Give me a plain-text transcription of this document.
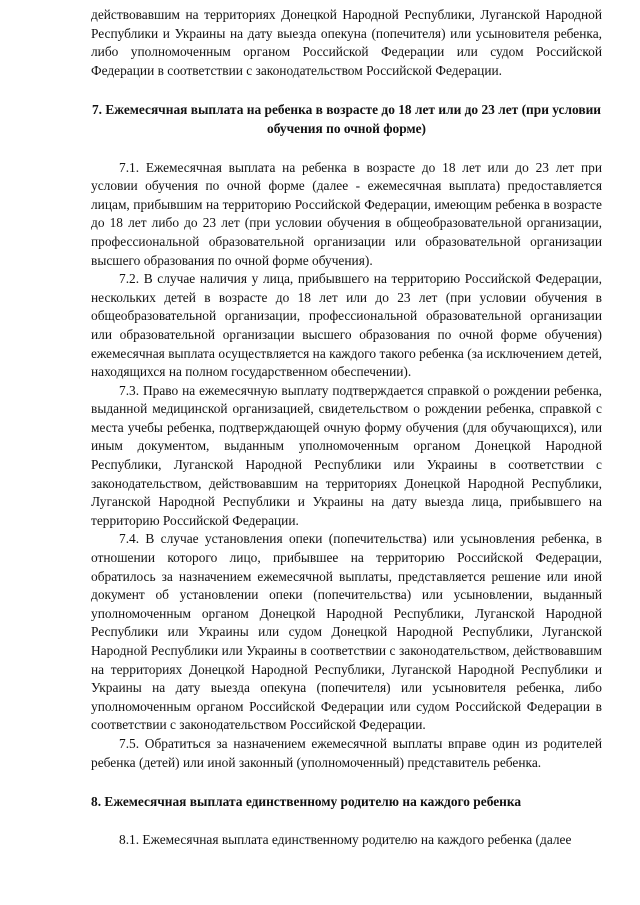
действовавшим на территориях Донецкой Народной Республики, Луганской Народной Республики и Украины на дату выезда опекуна (попечителя) или усыновителя ребенка, либо уполномоченным органом Российской Федерации или судом Российской Федерации в соответствии с законодательством Российской Федерации.

7. Ежемесячная выплата на ребенка в возрасте до 18 лет или до 23 лет (при условии обучения по очной форме)

7.1. Ежемесячная выплата на ребенка в возрасте до 18 лет или до 23 лет при условии обучения по очной форме (далее - ежемесячная выплата) предоставляется лицам, прибывшим на территорию Российской Федерации, имеющим ребенка в возрасте до 18 лет либо до 23 лет (при условии обучения в общеобразовательной организации, профессиональной образовательной организации или образовательной организации высшего образования по очной форме обучения).

7.2. В случае наличия у лица, прибывшего на территорию Российской Федерации, нескольких детей в возрасте до 18 лет или до 23 лет (при условии обучения в общеобразовательной организации, профессиональной образовательной организации или образовательной организации высшего образования по очной форме обучения) ежемесячная выплата осуществляется на каждого такого ребенка (за исключением детей, находящихся на полном государственном обеспечении).

7.3. Право на ежемесячную выплату подтверждается справкой о рождении ребенка, выданной медицинской организацией, свидетельством о рождении ребенка, справкой с места учебы ребенка, подтверждающей очную форму обучения (для обучающихся), или иным документом, выданным уполномоченным органом Донецкой Народной Республики, Луганской Народной Республики или Украины в соответствии с законодательством, действовавшим на территориях Донецкой Народной Республики, Луганской Народной Республики и Украины на дату выезда лица, прибывшего на территорию Российской Федерации.

7.4. В случае установления опеки (попечительства) или усыновления ребенка, в отношении которого лицо, прибывшее на территорию Российской Федерации, обратилось за назначением ежемесячной выплаты, представляется решение или иной документ об установлении опеки (попечительства) или усыновлении, выданный уполномоченным органом Донецкой Народной Республики, Луганской Народной Республики или Украины или судом Донецкой Народной Республики, Луганской Народной Республики или Украины в соответствии с законодательством, действовавшим на территориях Донецкой Народной Республики, Луганской Народной Республики и Украины на дату выезда опекуна (попечителя) или усыновителя ребенка, либо уполномоченным органом Российской Федерации или судом Российской Федерации в соответствии с законодательством Российской Федерации.

7.5. Обратиться за назначением ежемесячной выплаты вправе один из родителей ребенка (детей) или иной законный (уполномоченный) представитель ребенка.

8. Ежемесячная выплата единственному родителю на каждого ребенка

8.1. Ежемесячная выплата единственному родителю на каждого ребенка (далее
